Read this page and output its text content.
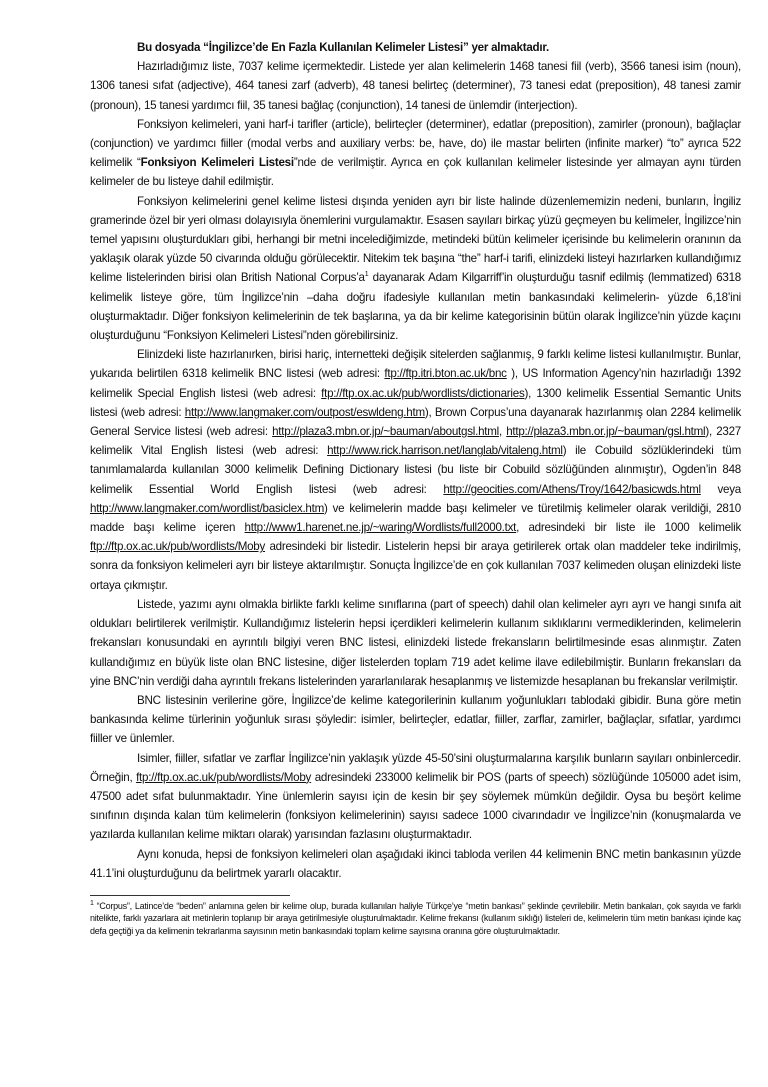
Bu dosyada “İngilizce’de En Fazla Kullanılan Kelimeler Listesi” yer almaktadır.

Hazırladığımız liste, 7037 kelime içermektedir. Listede yer alan kelimelerin 1468 tanesi fiil (verb), 3566 tanesi isim (noun), 1306 tanesi sıfat (adjective), 464 tanesi zarf (adverb), 48 tanesi belirteç (determiner), 73 tanesi edat (preposition), 48 tanesi zamir (pronoun), 15 tanesi yardımcı fiil, 35 tanesi bağlaç (conjunction), 14 tanesi de ünlemdir (interjection).

Fonksiyon kelimeleri, yani harf-i tarifler (article), belirteçler (determiner), edatlar (preposition), zamirler (pronoun), bağlaçlar (conjunction) ve yardımcı fiiller (modal verbs and auxiliary verbs: be, have, do) ile mastar belirten (infinite marker) “to” ayrıca 522 kelimelik “Fonksiyon Kelimeleri Listesi”nde de verilmiştir. Ayrıca en çok kullanılan kelimeler listesinde yer almayan aynı türden kelimeler de bu listeye dahil edilmiştir.

Fonksiyon kelimelerini genel kelime listesi dışında yeniden ayrı bir liste halinde düzenlememizin nedeni, bunların, İngiliz gramerinde özel bir yeri olması dolayısıyla önemlerini vurgulamaktır. Esasen sayıları birkaç yüzü geçmeyen bu kelimeler, İngilizce’nin temel yapısını oluşturdukları gibi, herhangi bir metni incelediğimizde, metindeki bütün kelimeler içerisinde bu kelimelerin oranının da yaklaşık olarak yüzde 50 civarında olduğu görülecektir. Nitekim tek başına “the” harf-i tarifi, elinizdeki listeyi hazırlarken kullandığımız kelime listelerinden birisi olan British National $Corpus’a^1$ dayanarak Adam Kilgarriff’in oluşturduğu tasnif edilmiş (lemmatized) 6318 kelimelik listeye göre, tüm İngilizce’nin –daha doğru ifadesiyle kullanılan metin bankasındaki kelimelerin- yüzde 6,18’ini oluşturmaktadır. Diğer fonksiyon kelimelerinin de tek başlarına, ya da bir kelime kategorisinin bütün olarak İngilizce’nin yüzde kaçını oluşturduğunu “Fonksiyon Kelimeleri Listesi”nden görebilirsiniz.

Elinizdeki liste hazırlanırken, birisi hariç, internetteki değişik sitelerden sağlanmış, 9 farklı kelime listesi kullanılmıştır. Bunlar, yukarıda belirtilen 6318 kelimelik BNC listesi (web adresi: ftp://ftp.itri.bton.ac.uk/bnc ), US Information Agency’nin hazırladığı 1392 kelimelik Special English listesi (web adresi: ftp://ftp.ox.ac.uk/pub/wordlists/dictionaries), 1300 kelimelik Essential Semantic Units listesi (web adresi: http://www.langmaker.com/outpost/eswldeng.htm), Brown Corpus’una dayanarak hazırlanmış olan 2284 kelimelik General Service listesi (web adresi: http://plaza3.mbn.or.jp/~bauman/aboutgsl.html, http://plaza3.mbn.or.jp/~bauman/gsl.html), 2327 kelimelik Vital English listesi (web adresi: http://www.rick.harrison.net/langlab/vitaleng.html) ile Cobuild sözlüklerindeki tüm tanımlamalarda kullanılan 3000 kelimelik Defining Dictionary listesi (bu liste bir Cobuild sözlüğünden alınmıştır), Ogden’in 848 kelimelik Essential World English listesi (web adresi: http://geocities.com/Athens/Troy/1642/basicwds.html veya http://www.langmaker.com/wordlist/basiclex.htm) ve kelimelerin madde başı kelimeler ve türetilmiş kelimeler olarak verildiği, 2810 madde başı kelime içeren http://www1.harenet.ne.jp/~waring/Wordlists/full2000.txt, adresindeki bir liste ile 1000 kelimelik ftp://ftp.ox.ac.uk/pub/wordlists/Moby adresindeki bir listedir. Listelerin hepsi bir araya getirilerek ortak olan maddeler teke indirilmiş, sonra da fonksiyon kelimeleri ayrı bir listeye aktarılmıştır. Sonuçta İngilizce’de en çok kullanılan 7037 kelimeden oluşan elinizdeki liste ortaya çıkmıştır.

Listede, yazımı aynı olmakla birlikte farklı kelime sınıflarına (part of speech) dahil olan kelimeler ayrı ayrı ve hangi sınıfa ait oldukları belirtilerek verilmiştir. Kullandığımız listelerin hepsi içerdikleri kelimelerin kullanım sıklıklarını vermediklerinden, kelimelerin frekansları konusundaki en ayrıntılı bilgiyi veren BNC listesi, elinizdeki listede frekansların belirtilmesinde esas alınmıştır. Zaten kullandığımız en büyük liste olan BNC listesine, diğer listelerden toplam 719 adet kelime ilave edilebilmiştir. Bunların frekansları da yine BNC’nin verdiği daha ayrıntılı frekans listelerinden yararlanılarak hesaplanmış ve listemizde hesaplanan bu frekanslar verilmiştir.

BNC listesinin verilerine göre, İngilizce’de kelime kategorilerinin kullanım yoğunlukları tablodaki gibidir. Buna göre metin bankasında kelime türlerinin yoğunluk sırası şöyledir: isimler, belirteçler, edatlar, fiiller, zarflar, zamirler, bağlaçlar, sıfatlar, yardımcı fiiller ve ünlemler.

Isimler, fiiller, sıfatlar ve zarflar İngilizce’nin yaklaşık yüzde 45-50’sini oluşturmalarına karşılık bunların sayıları onbinlercedir. Örneğin, ftp://ftp.ox.ac.uk/pub/wordlists/Moby adresindeki 233000 kelimelik bir POS (parts of speech) sözlüğünde 105000 adet isim, 47500 adet sıfat bulunmaktadır. Yine ünlemlerin sayısı için de kesin bir şey söylemek mümkün değildir. Oysa bu beşört kelime sınıfının dışında kalan tüm kelimelerin (fonksiyon kelimelerinin) sayısı sadece 1000 civarındadır ve İngilizce’nin (konuşmalarda ve yazılarda kullanılan kelime miktarı olarak) yarısından fazlasını oluşturmaktadır.

Aynı konuda, hepsi de fonksiyon kelimeleri olan aşağıdaki ikinci tabloda verilen 44 kelimenin BNC metin bankasının yüzde 41.1’ini oluşturduğunu da belirtmek yararlı olacaktır.

$^1$ “Corpus”, Latince’de “beden” anlamına gelen bir kelime olup, burada kullanılan haliyle Türkçe’ye “metin bankası” şeklinde çevrilebilir. Metin bankaları, çok sayıda ve farklı nitelikte, farklı yazarlara ait metinlerin toplanıp bir araya getirilmesiyle oluşturulmaktadır. Kelime frekansı (kullanım sıklığı) listeleri de, kelimelerin tüm metin bankası içinde kaç defa geçtiği ya da kelimenin tekrarlanma sayısının metin bankasındaki toplam kelime sayısına oranına göre oluşturulmaktadır.
